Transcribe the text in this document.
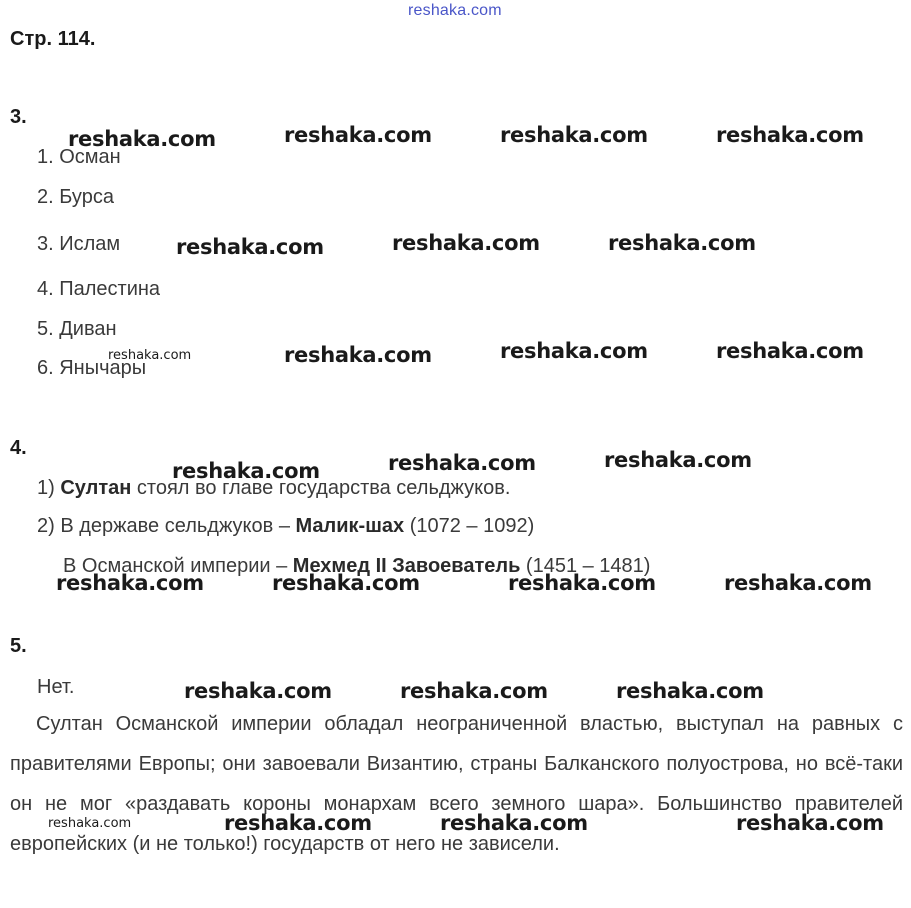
reshaka.com
Стр. 114.
3.
1. Осман
2. Бурса
3. Ислам
4. Палестина
5. Диван
6. Янычары
4.
1) Султан стоял во главе государства сельджуков.
2) В державе сельджуков – Малик-шах (1072 – 1092)
В Османской империи – Мехмед II Завоеватель (1451 – 1481)
5.
Нет.
Султан Османской империи обладал неограниченной властью, выступал на равных с правителями Европы; они завоевали Византию, страны Балканского полуострова, но всё-таки он не мог «раздавать короны монархам всего земного шара». Большинство правителей европейских (и не только!) государств от него не зависели.
reshaka.com	reshaka.com	reshaka.com	reshaka.com
reshaka.com	reshaka.com	reshaka.com
reshaka.com	reshaka.com	reshaka.com	reshaka.com
reshaka.com	reshaka.com	reshaka.com
reshaka.com	reshaka.com	reshaka.com	reshaka.com
reshaka.com	reshaka.com	reshaka.com
reshaka.com	reshaka.com	reshaka.com	reshaka.com
